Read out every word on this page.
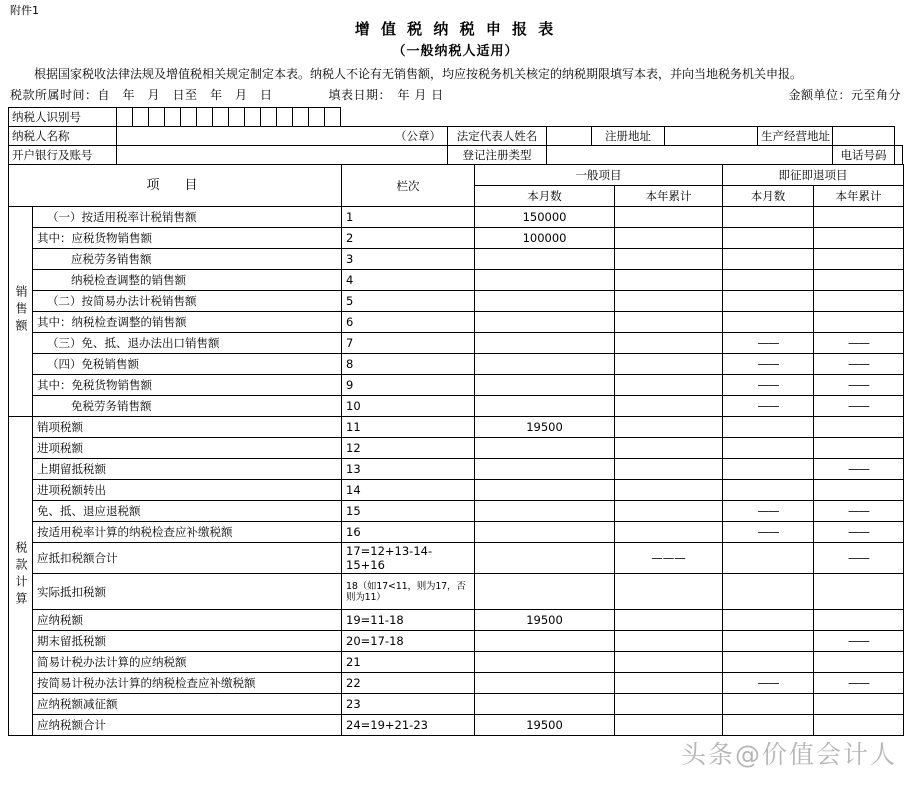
附件1
增 值 税 纳 税 申 报 表
（一般纳税人适用）
根据国家税收法律法规及增值税相关规定制定本表。纳税人不论有无销售额，均应按税务机关核定的纳税期限填写本表，并向当地税务机关申报。
税款所属时间：自　年　月　日至　年　月　日	填表日期：　年 月 日	金额单位：元至角分
纳税人识别号																						
纳税人名称	（公章）															法定代表人姓名		注册地址		生产经营地址		
开户银行及账号																登记注册类型					电话号码	
项　目		栏次	一般项目		即征即退项目	
			本月数	本年累计	本月数	本年累计
销售额	（一）按适用税率计税销售额	1	150000			
	其中：应税货物销售额	2	100000			
	应税劳务销售额	3				
	纳税检查调整的销售额	4				
	（二）按简易办法计税销售额	5				
	其中：纳税检查调整的销售额	6				
	（三）免、抵、退办法出口销售额	7			——	——
	（四）免税销售额	8			——	——
	其中：免税货物销售额	9			——	——
	免税劳务销售额	10			——	——
税款计算	销项税额	11	19500			
	进项税额	12				
	上期留抵税额	13				——
	进项税额转出	14				
	免、抵、退应退税额	15			——	——
	按适用税率计算的纳税检查应补缴税额	16			——	——
	应抵扣税额合计	17=12+13-14-15+16		———		——
	实际抵扣税额	18（如17<11，则为17，否则为11）				
	应纳税额	19=11-18	19500			
	期末留抵税额	20=17-18				——
	简易计税办法计算的应纳税额	21				
	按简易计税办法计算的纳税检查应补缴税额	22			——	——
	应纳税额减征额	23				
	应纳税额合计	24=19+21-23	19500			
头条@价值会计人
